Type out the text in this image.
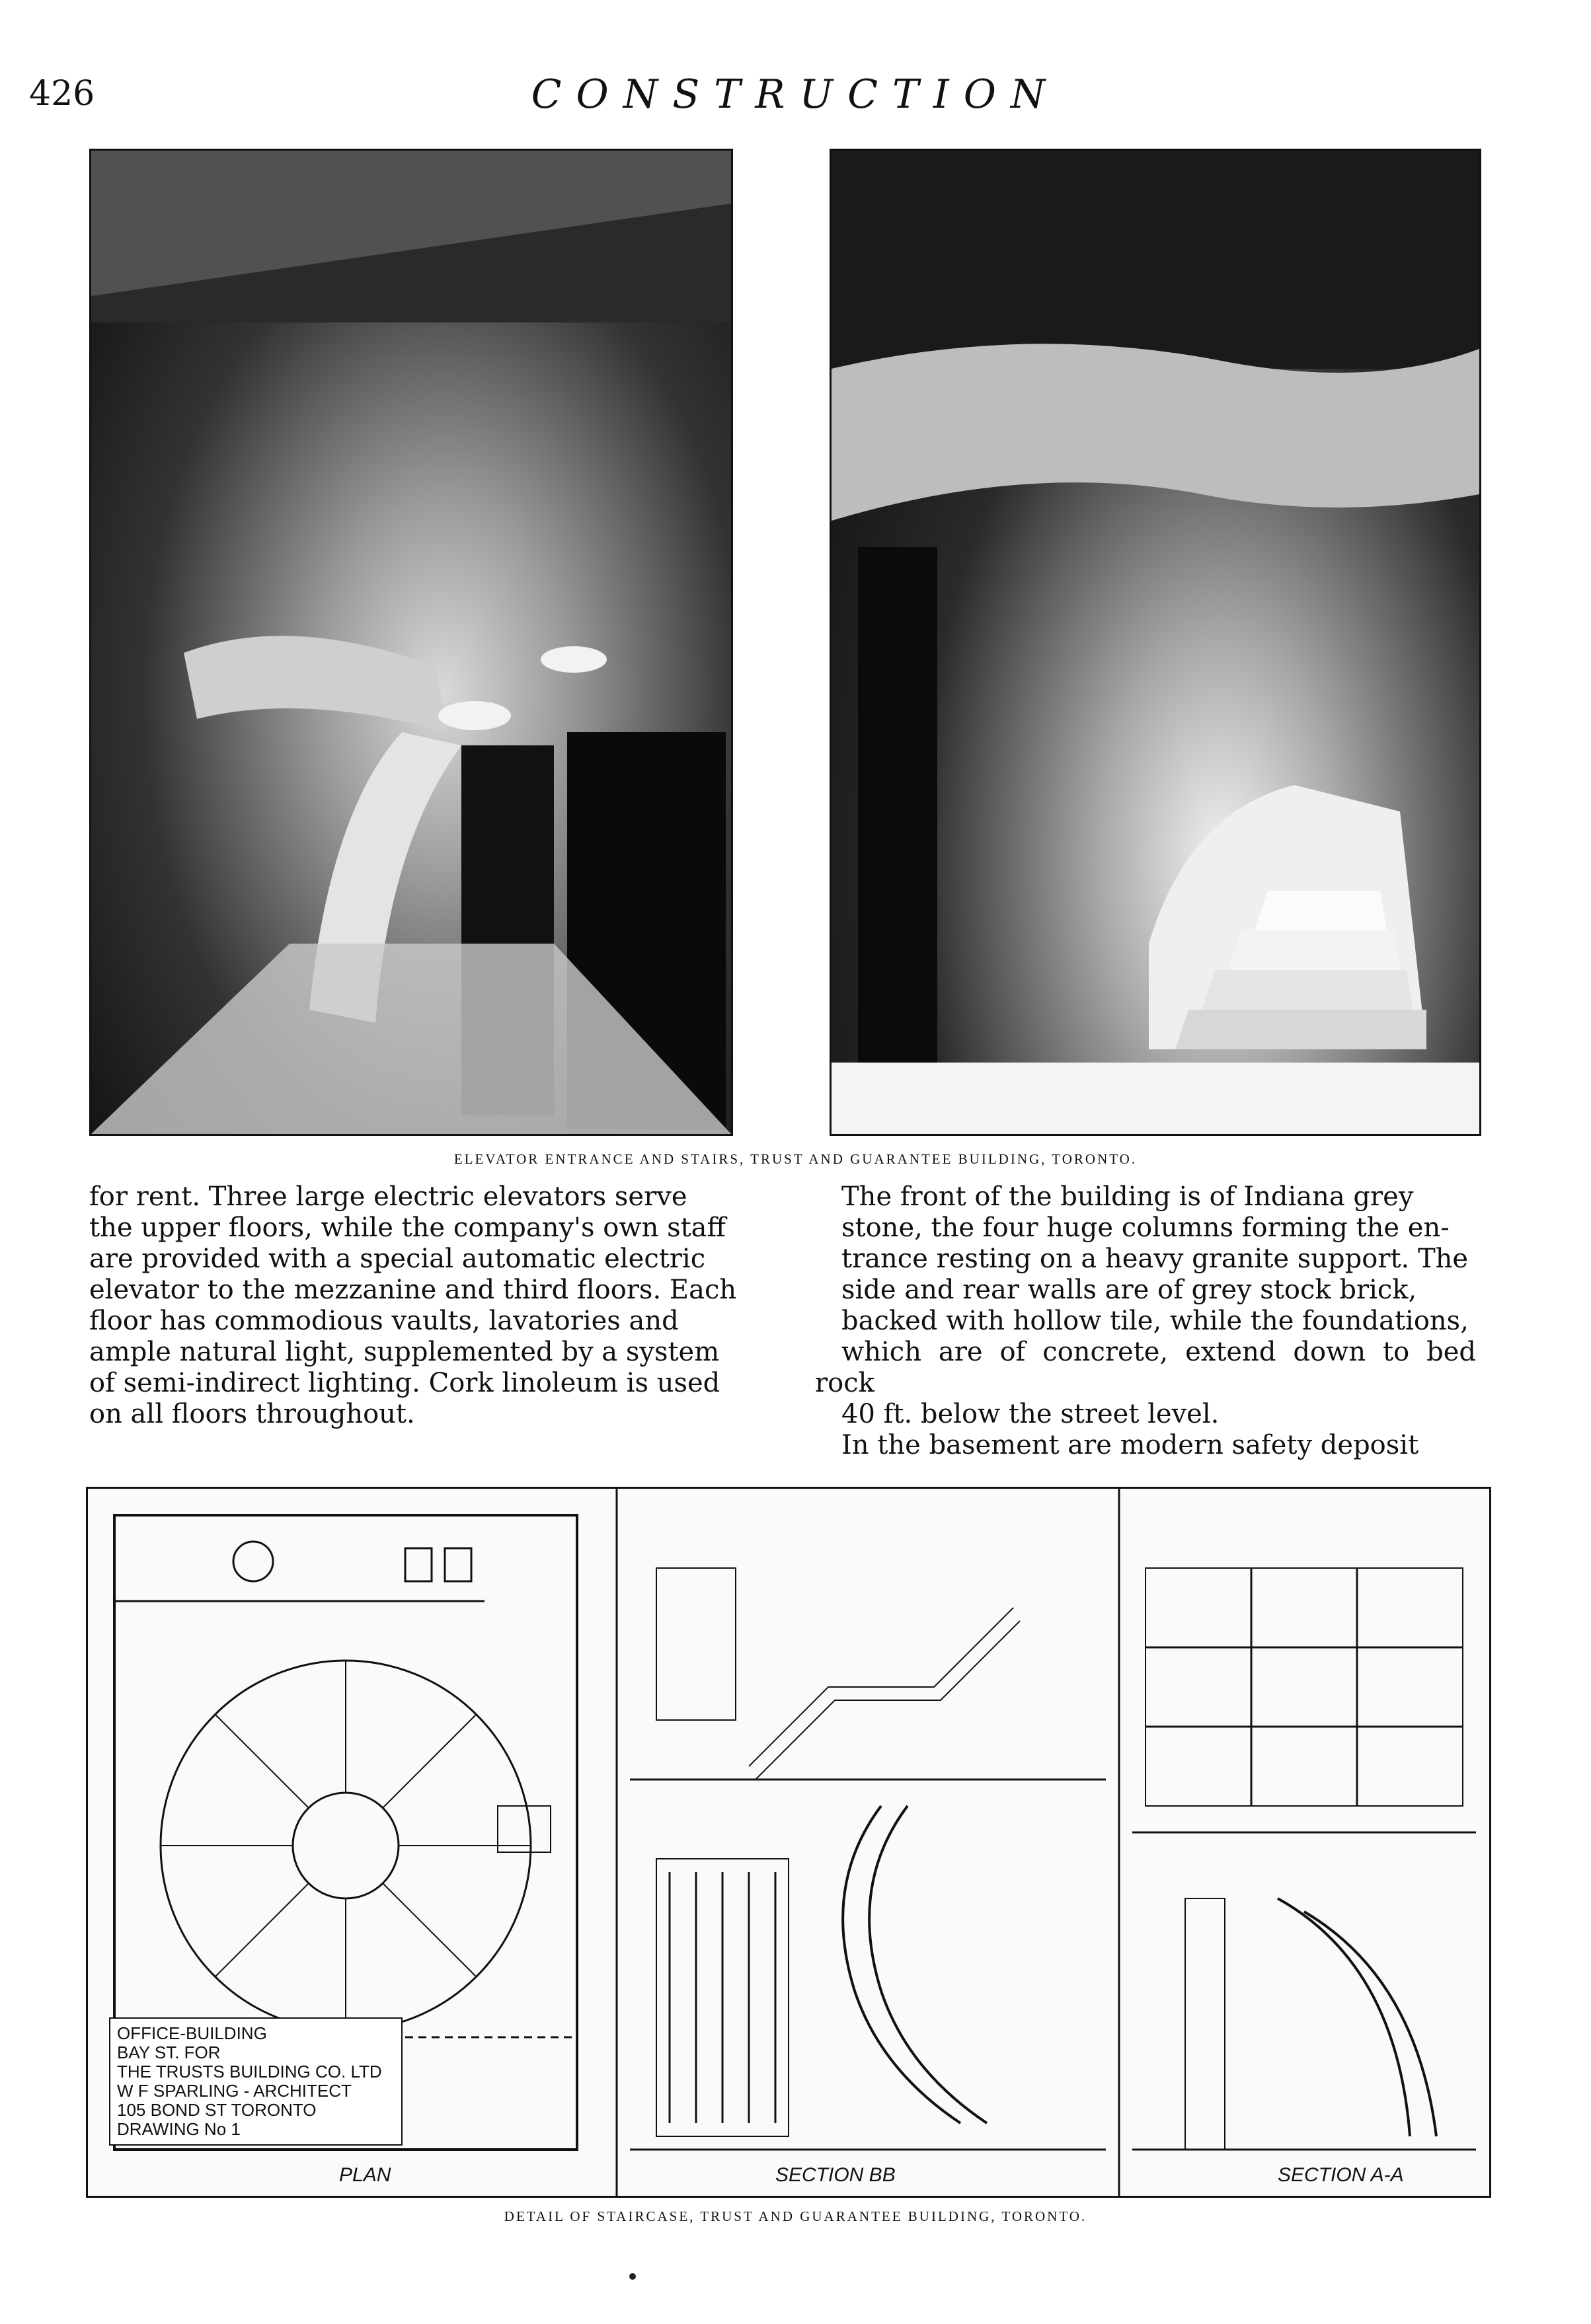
426	CONSTRUCTION
ELEVATOR ENTRANCE AND STAIRS, TRUST AND GUARANTEE BUILDING, TORONTO.

for rent. Three large electric elevators serve
the upper floors, while the company's own staff
are provided with a special automatic electric
elevator to the mezzanine and third floors. Each
floor has commodious vaults, lavatories and
ample natural light, supplemented by a system
of semi-indirect lighting. Cork linoleum is used
on all floors throughout.

The front of the building is of Indiana grey
stone, the four huge columns forming the en-
trance resting on a heavy granite support. The
side and rear walls are of grey stock brick,
backed with hollow tile, while the foundations,
which are of concrete, extend down to bed rock
40 ft. below the street level.

In the basement are modern safety deposit

OFFICE-BUILDING
BAY ST. FOR
THE TRUSTS BUILDING CO. LTD
W F SPARLING - ARCHITECT
105 BOND ST TORONTO
DRAWING No 1
PLAN	SECTION BB	SECTION A-A
DETAIL OF STAIRCASE, TRUST AND GUARANTEE BUILDING, TORONTO.
